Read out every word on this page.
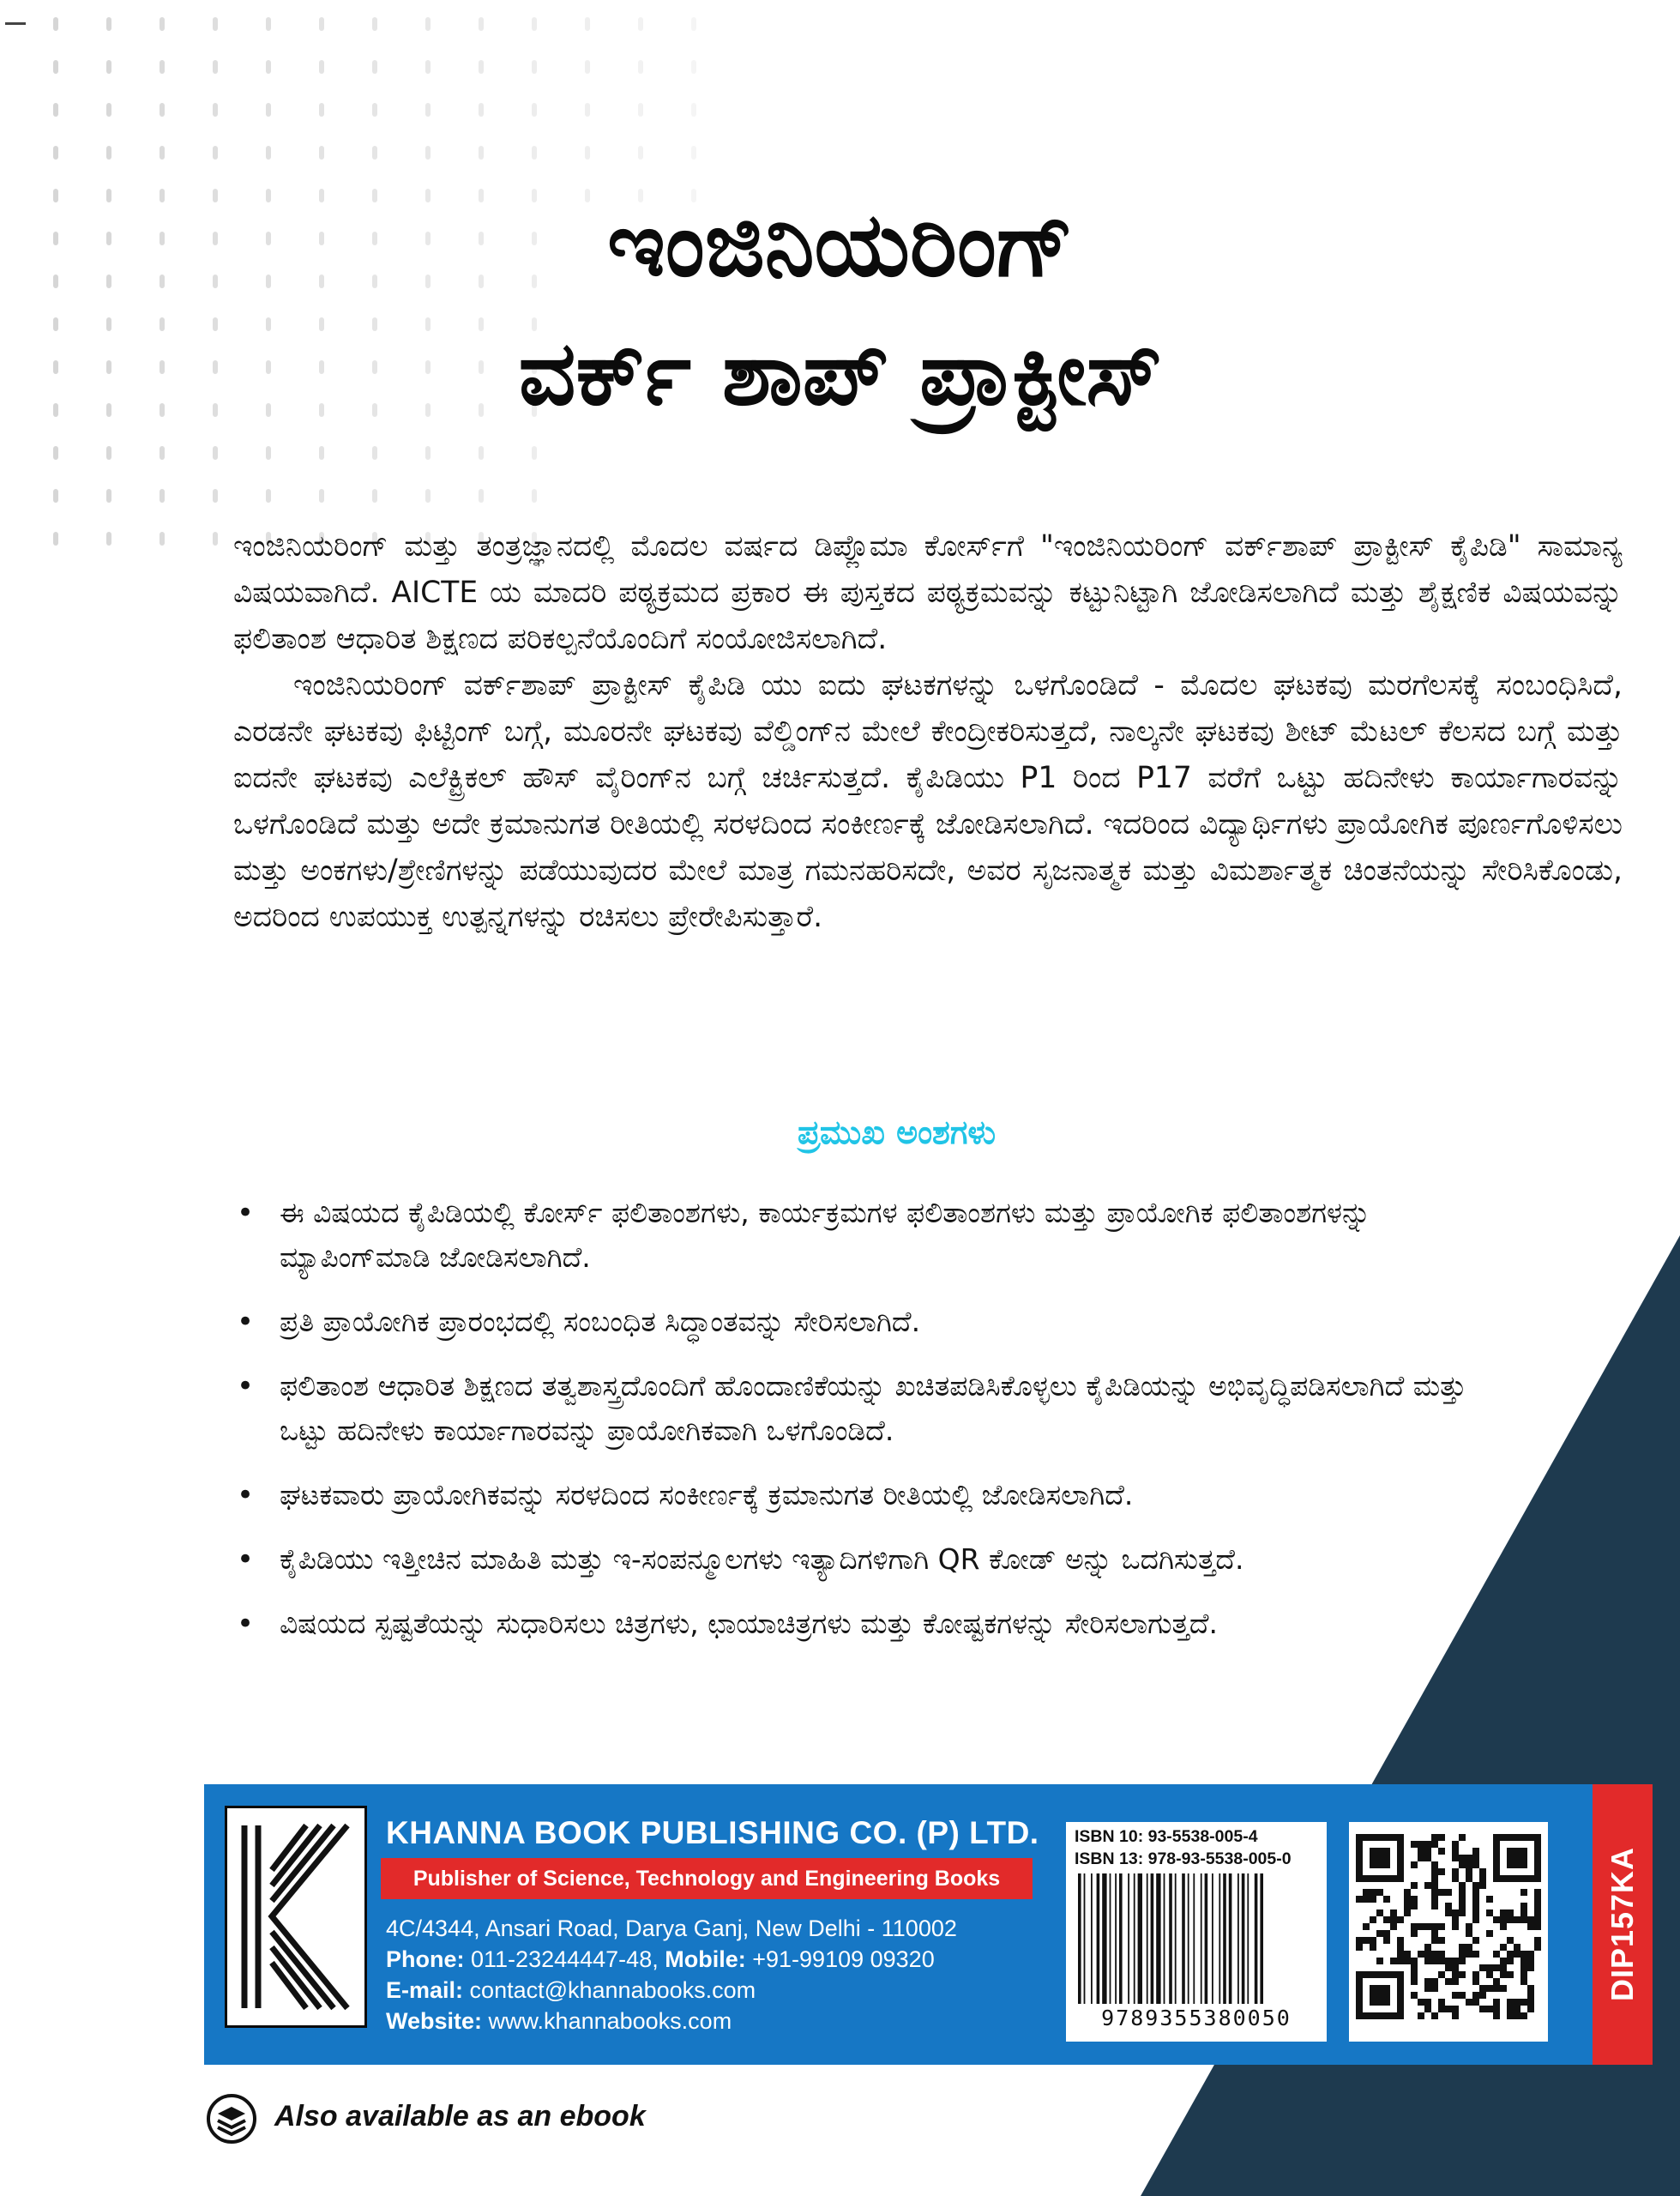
ಇಂಜಿನಿಯರಿಂಗ್
ವರ್ಕ್ ಶಾಪ್ ಪ್ರಾಕ್ಟೀಸ್

ಇಂಜಿನಿಯರಿಂಗ್ ಮತ್ತು ತಂತ್ರಜ್ಞಾನದಲ್ಲಿ ಮೊದಲ ವರ್ಷದ ಡಿಪ್ಲೊಮಾ ಕೋರ್ಸ್‌ಗೆ "ಇಂಜಿನಿಯರಿಂಗ್ ವರ್ಕ್‌ಶಾಪ್ ಪ್ರಾಕ್ಟೀಸ್ ಕೈಪಿಡಿ" ಸಾಮಾನ್ಯ ವಿಷಯವಾಗಿದೆ. AICTE ಯ ಮಾದರಿ ಪಠ್ಯಕ್ರಮದ ಪ್ರಕಾರ ಈ ಪುಸ್ತಕದ ಪಠ್ಯಕ್ರಮವನ್ನು ಕಟ್ಟುನಿಟ್ಟಾಗಿ ಜೋಡಿಸಲಾಗಿದೆ ಮತ್ತು ಶೈಕ್ಷಣಿಕ ವಿಷಯವನ್ನು ಫಲಿತಾಂಶ ಆಧಾರಿತ ಶಿಕ್ಷಣದ ಪರಿಕಲ್ಪನೆಯೊಂದಿಗೆ ಸಂಯೋಜಿಸಲಾಗಿದೆ.

ಇಂಜಿನಿಯರಿಂಗ್ ವರ್ಕ್‌ಶಾಪ್ ಪ್ರಾಕ್ಟೀಸ್ ಕೈಪಿಡಿ ಯು ಐದು ಘಟಕಗಳನ್ನು ಒಳಗೊಂಡಿದೆ - ಮೊದಲ ಘಟಕವು ಮರಗೆಲಸಕ್ಕೆ ಸಂಬಂಧಿಸಿದೆ, ಎರಡನೇ ಘಟಕವು ಫಿಟ್ಟಿಂಗ್ ಬಗ್ಗೆ, ಮೂರನೇ ಘಟಕವು ವೆಲ್ಡಿಂಗ್‌ನ ಮೇಲೆ ಕೇಂದ್ರೀಕರಿಸುತ್ತದೆ, ನಾಲ್ಕನೇ ಘಟಕವು ಶೀಟ್ ಮೆಟಲ್ ಕೆಲಸದ ಬಗ್ಗೆ ಮತ್ತು ಐದನೇ ಘಟಕವು ಎಲೆಕ್ಟ್ರಿಕಲ್ ಹೌಸ್ ವೈರಿಂಗ್‌ನ ಬಗ್ಗೆ ಚರ್ಚಿಸುತ್ತದೆ. ಕೈಪಿಡಿಯು P1 ರಿಂದ P17 ವರೆಗೆ ಒಟ್ಟು ಹದಿನೇಳು ಕಾರ್ಯಾಗಾರವನ್ನು ಒಳಗೊಂಡಿದೆ ಮತ್ತು ಅದೇ ಕ್ರಮಾನುಗತ ರೀತಿಯಲ್ಲಿ ಸರಳದಿಂದ ಸಂಕೀರ್ಣಕ್ಕೆ ಜೋಡಿಸಲಾಗಿದೆ. ಇದರಿಂದ ವಿದ್ಯಾರ್ಥಿಗಳು ಪ್ರಾಯೋಗಿಕ ಪೂರ್ಣಗೊಳಿಸಲು ಮತ್ತು ಅಂಕಗಳು/ಶ್ರೇಣಿಗಳನ್ನು ಪಡೆಯುವುದರ ಮೇಲೆ ಮಾತ್ರ ಗಮನಹರಿಸದೇ, ಅವರ ಸೃಜನಾತ್ಮಕ ಮತ್ತು ವಿಮರ್ಶಾತ್ಮಕ ಚಿಂತನೆಯನ್ನು ಸೇರಿಸಿಕೊಂಡು, ಅದರಿಂದ ಉಪಯುಕ್ತ ಉತ್ಪನ್ನಗಳನ್ನು ರಚಿಸಲು ಪ್ರೇರೇಪಿಸುತ್ತಾರೆ.

ಪ್ರಮುಖ ಅಂಶಗಳು
• ಈ ವಿಷಯದ ಕೈಪಿಡಿಯಲ್ಲಿ ಕೋರ್ಸ್ ಫಲಿತಾಂಶಗಳು, ಕಾರ್ಯಕ್ರಮಗಳ ಫಲಿತಾಂಶಗಳು ಮತ್ತು ಪ್ರಾಯೋಗಿಕ ಫಲಿತಾಂಶಗಳನ್ನು ಮ್ಯಾಪಿಂಗ್‌ಮಾಡಿ ಜೋಡಿಸಲಾಗಿದೆ.
• ಪ್ರತಿ ಪ್ರಾಯೋಗಿಕ ಪ್ರಾರಂಭದಲ್ಲಿ ಸಂಬಂಧಿತ ಸಿದ್ಧಾಂತವನ್ನು ಸೇರಿಸಲಾಗಿದೆ.
• ಫಲಿತಾಂಶ ಆಧಾರಿತ ಶಿಕ್ಷಣದ ತತ್ವಶಾಸ್ತ್ರದೊಂದಿಗೆ ಹೊಂದಾಣಿಕೆಯನ್ನು ಖಚಿತಪಡಿಸಿಕೊಳ್ಳಲು ಕೈಪಿಡಿಯನ್ನು ಅಭಿವೃದ್ಧಿಪಡಿಸಲಾಗಿದೆ ಮತ್ತು ಒಟ್ಟು ಹದಿನೇಳು ಕಾರ್ಯಾಗಾರವನ್ನು ಪ್ರಾಯೋಗಿಕವಾಗಿ ಒಳಗೊಂಡಿದೆ.
• ಘಟಕವಾರು ಪ್ರಾಯೋಗಿಕವನ್ನು ಸರಳದಿಂದ ಸಂಕೀರ್ಣಕ್ಕೆ ಕ್ರಮಾನುಗತ ರೀತಿಯಲ್ಲಿ ಜೋಡಿಸಲಾಗಿದೆ.
• ಕೈಪಿಡಿಯು ಇತ್ತೀಚಿನ ಮಾಹಿತಿ ಮತ್ತು ಇ-ಸಂಪನ್ಮೂಲಗಳು ಇತ್ಯಾದಿಗಳಿಗಾಗಿ QR ಕೋಡ್ ಅನ್ನು ಒದಗಿಸುತ್ತದೆ.
• ವಿಷಯದ ಸ್ಪಷ್ಟತೆಯನ್ನು ಸುಧಾರಿಸಲು ಚಿತ್ರಗಳು, ಛಾಯಾಚಿತ್ರಗಳು ಮತ್ತು ಕೋಷ್ಟಕಗಳನ್ನು ಸೇರಿಸಲಾಗುತ್ತದೆ.
KHANNA BOOK PUBLISHING CO. (P) LTD.
Publisher of Science, Technology and Engineering Books
4C/4344, Ansari Road, Darya Ganj, New Delhi - 110002
Phone: 011-23244447-48, Mobile: +91-99109 09320
E-mail: contact@khannabooks.com
Website: www.khannabooks.com
ISBN 10: 93-5538-005-4
ISBN 13: 978-93-5538-005-0
9789355380050
DIP157KA
Also available as an ebook
